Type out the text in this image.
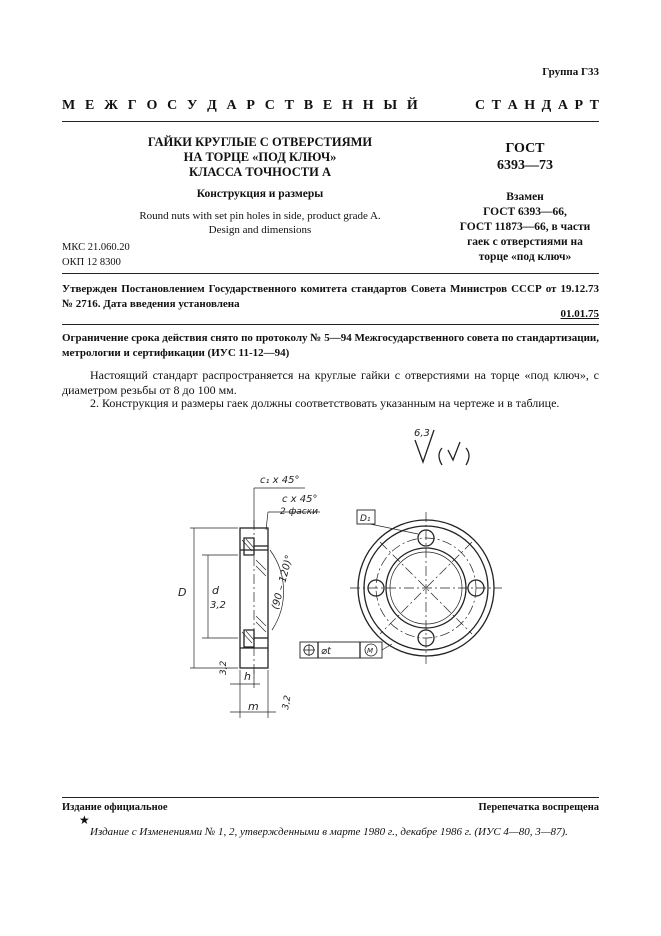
Группа Г33
М Е Ж Г О С У Д А Р С Т В Е Н Н Ы Й	С Т А Н Д А Р Т
ГАЙКИ КРУГЛЫЕ С ОТВЕРСТИЯМИ
НА ТОРЦЕ «ПОД КЛЮЧ»
КЛАССА ТОЧНОСТИ А
Конструкция и размеры
Round nuts with set pin holes in side, product grade A.
Design and dimensions
ГОСТ
6393—73
Взамен
ГОСТ 6393—66,
ГОСТ 11873—66, в части
гаек с отверстиями на
торце «под ключ»
МКС 21.060.20
ОКП 12 8300
Утвержден Постановлением Государственного комитета стандартов Совета Министров СССР от 19.12.73 № 2716. Дата введения установлена
01.01.75
Ограничение срока действия снято по протоколу № 5—94 Межгосударственного совета по стандартизации, метрологии и сертификации (ИУС 11-12—94)
Настоящий стандарт распространяется на круглые гайки с отверстиями на торце «под ключ», с диаметром резьбы от 8 до 100 мм.
2. Конструкция и размеры гаек должны соответствовать указанным на чертеже и в таблице.
6,3
c₁ x 45°
c x 45°
2 фаски
D d
3,2	(90 – 120)°
3,2
h
m 3,2
D₁
⌀t	M
Издание официальное	Перепечатка воспрещена
★
Издание с Изменениями № 1, 2, утвержденными в марте 1980 г., декабре 1986 г. (ИУС 4—80, 3—87).
